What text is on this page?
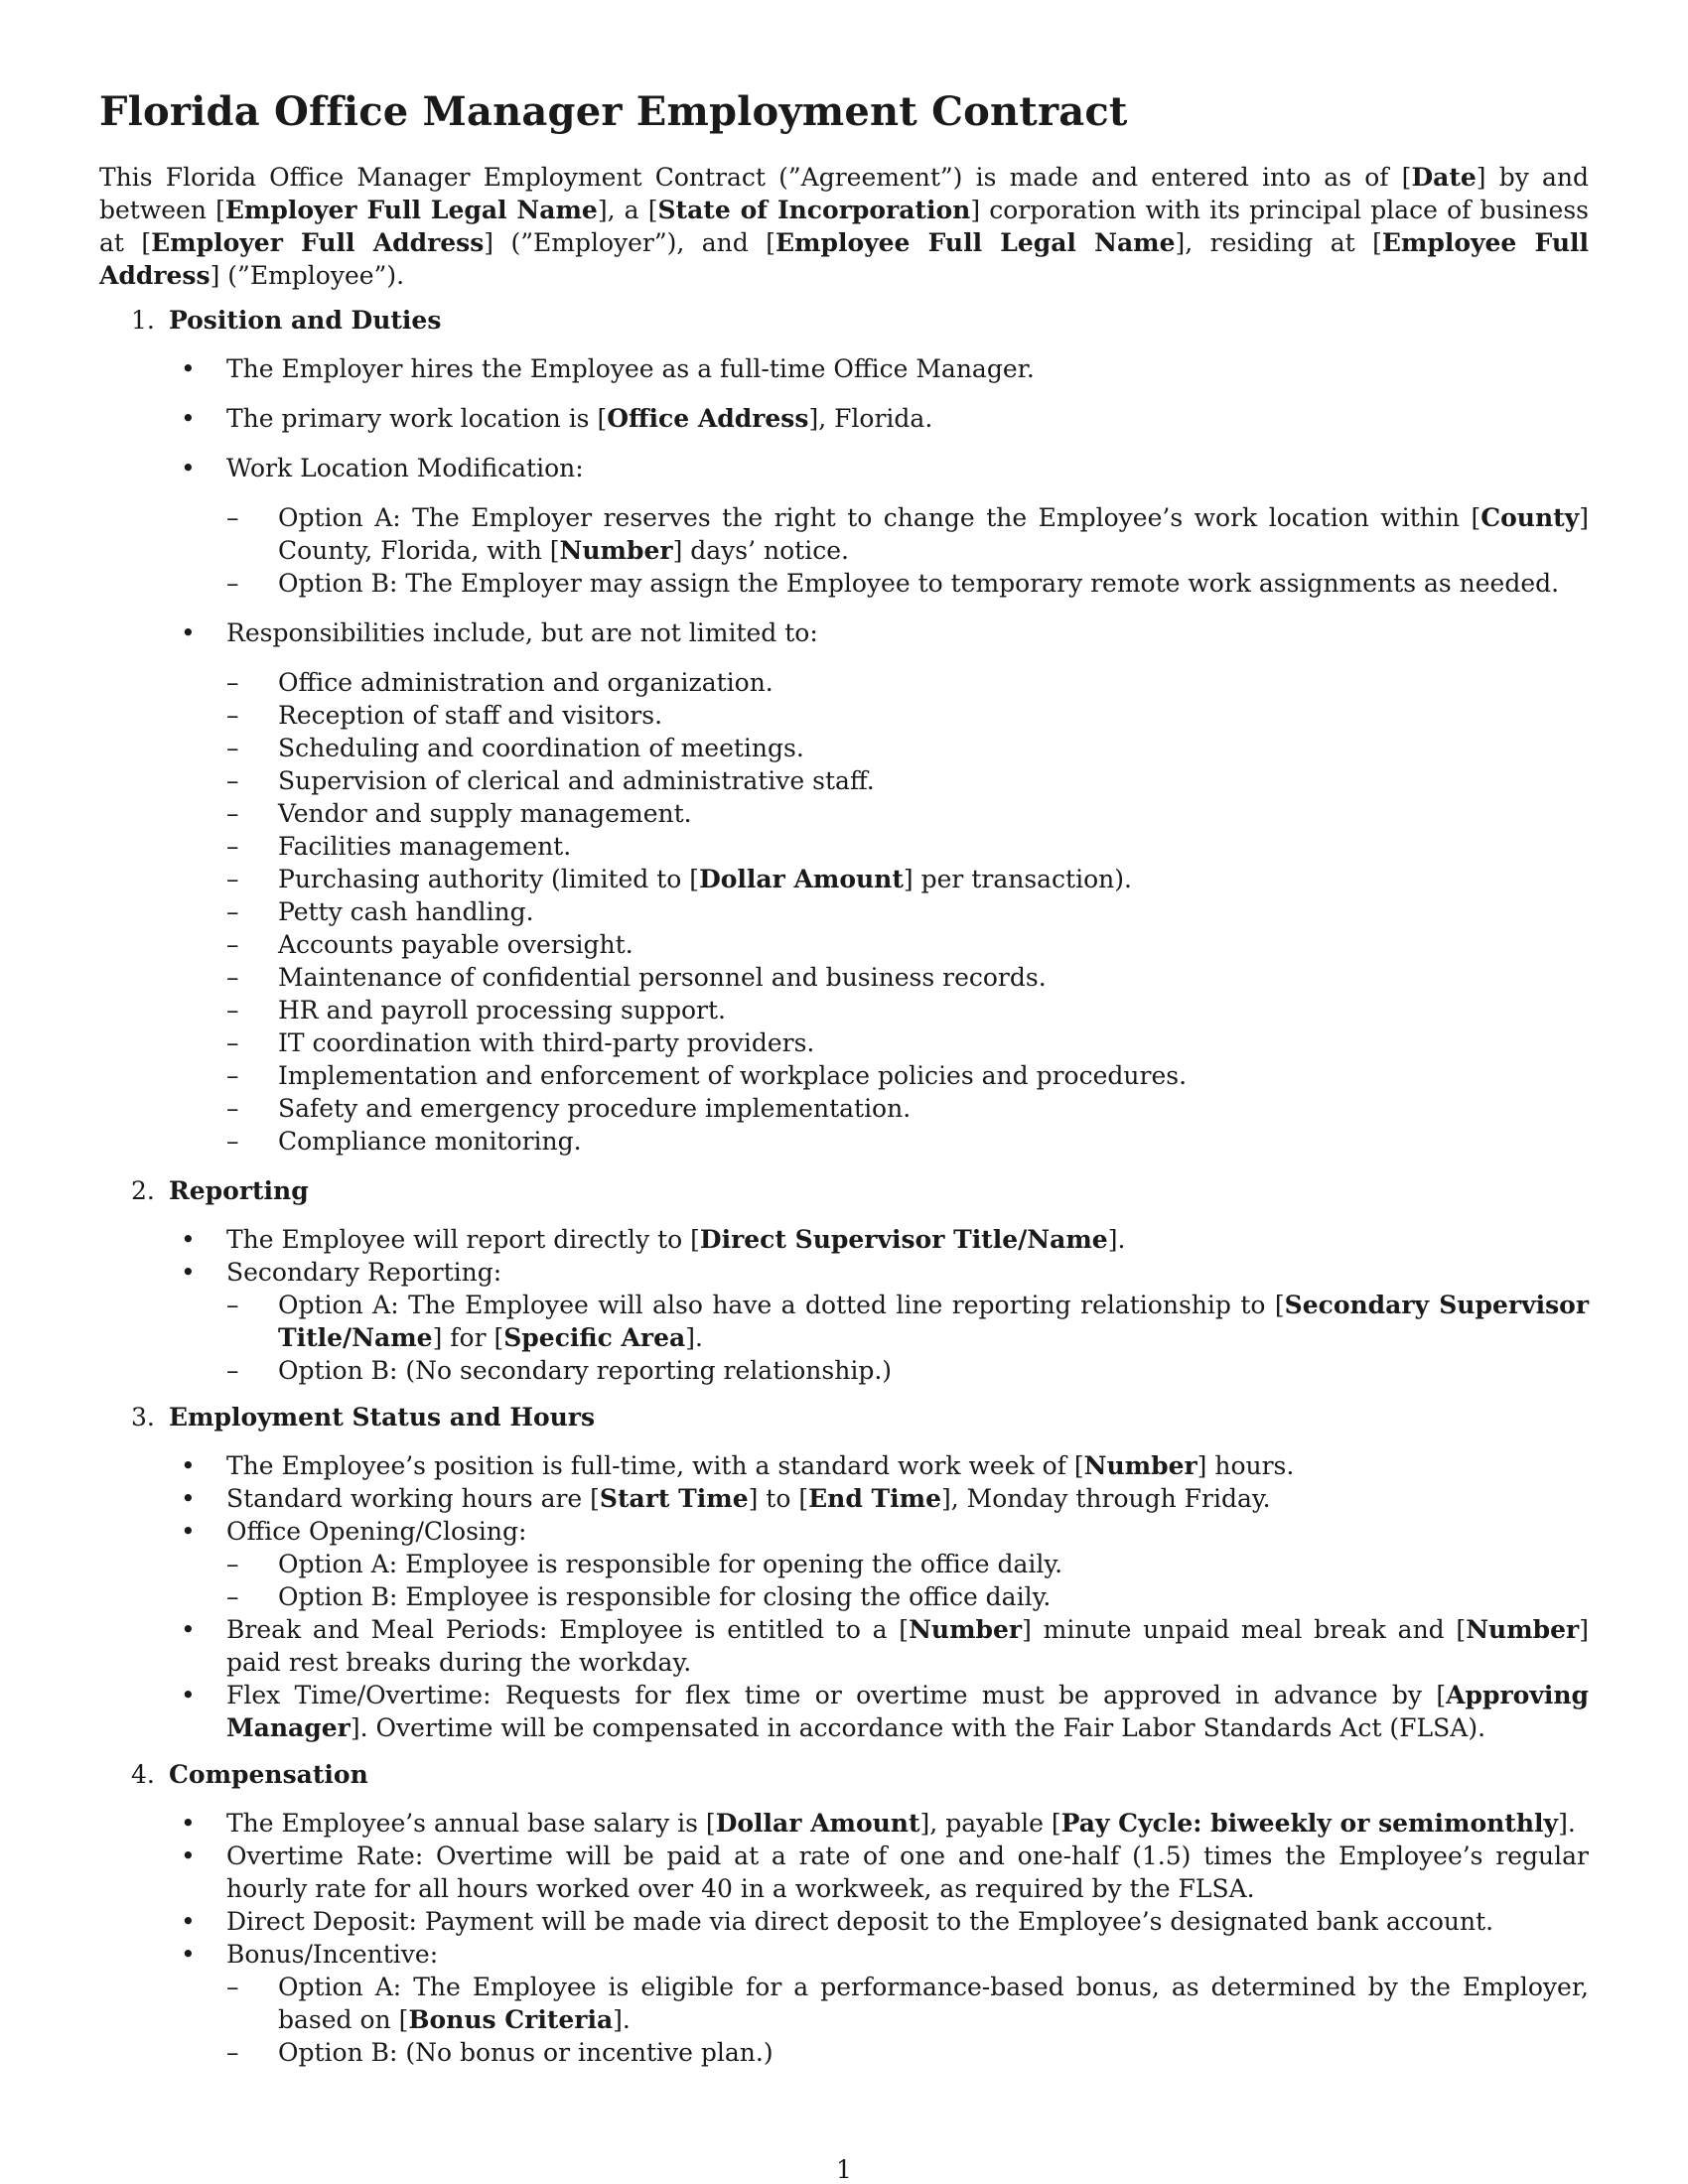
Florida Office Manager Employment Contract

This Florida Office Manager Employment Contract (”Agreement”) is made and entered into as of [Date] by and between [Employer Full Legal Name], a [State of Incorporation] corporation with its principal place of business at [Employer Full Address] (”Employer”), and [Employee Full Legal Name], residing at [Employee Full Address] (”Employee”).

1. Position and Duties
• The Employer hires the Employee as a full-time Office Manager.
• The primary work location is [Office Address], Florida.
• Work Location Modification:
– Option A: The Employer reserves the right to change the Employee’s work location within [County] County, Florida, with [Number] days’ notice.
– Option B: The Employer may assign the Employee to temporary remote work assignments as needed.
• Responsibilities include, but are not limited to:
– Office administration and organization.
– Reception of staff and visitors.
– Scheduling and coordination of meetings.
– Supervision of clerical and administrative staff.
– Vendor and supply management.
– Facilities management.
– Purchasing authority (limited to [Dollar Amount] per transaction).
– Petty cash handling.
– Accounts payable oversight.
– Maintenance of confidential personnel and business records.
– HR and payroll processing support.
– IT coordination with third-party providers.
– Implementation and enforcement of workplace policies and procedures.
– Safety and emergency procedure implementation.
– Compliance monitoring.
2. Reporting
• The Employee will report directly to [Direct Supervisor Title/Name].
• Secondary Reporting:
– Option A: The Employee will also have a dotted line reporting relationship to [Secondary Supervisor Title/Name] for [Specific Area].
– Option B: (No secondary reporting relationship.)
3. Employment Status and Hours
• The Employee’s position is full-time, with a standard work week of [Number] hours.
• Standard working hours are [Start Time] to [End Time], Monday through Friday.
• Office Opening/Closing:
– Option A: Employee is responsible for opening the office daily.
– Option B: Employee is responsible for closing the office daily.
• Break and Meal Periods: Employee is entitled to a [Number] minute unpaid meal break and [Number] paid rest breaks during the workday.
• Flex Time/Overtime: Requests for flex time or overtime must be approved in advance by [Approving Manager]. Overtime will be compensated in accordance with the Fair Labor Standards Act (FLSA).
4. Compensation
• The Employee’s annual base salary is [Dollar Amount], payable [Pay Cycle: biweekly or semimonthly].
• Overtime Rate: Overtime will be paid at a rate of one and one-half (1.5) times the Employee’s regular hourly rate for all hours worked over 40 in a workweek, as required by the FLSA.
• Direct Deposit: Payment will be made via direct deposit to the Employee’s designated bank account.
• Bonus/Incentive:
– Option A: The Employee is eligible for a performance-based bonus, as determined by the Employer, based on [Bonus Criteria].
– Option B: (No bonus or incentive plan.)
1
